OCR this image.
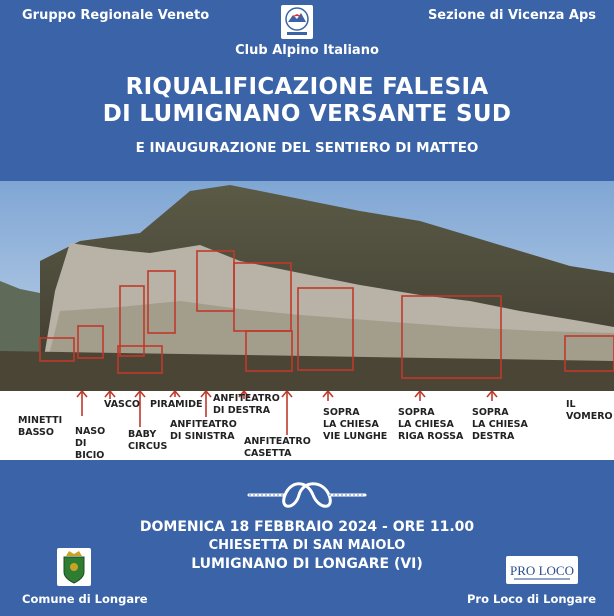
Gruppo Regionale Veneto	Sezione di Vicenza Aps
Club Alpino Italiano
RIQUALIFICAZIONE FALESIA
DI LUMIGNANO VERSANTE SUD
E INAUGURAZIONE DEL SENTIERO DI MATTEO
MINETTI
BASSO	NASO
DI
BICIO
VASCO
BABY
CIRCUS
PIRAMIDE
ANFITEATRO
DI SINISTRA
ANFITEATRO
DI DESTRA
ANFITEATRO
CASETTA
SOPRA
LA CHIESA
VIE LUNGHE
SOPRA
LA CHIESA
RIGA ROSSA
SOPRA
LA CHIESA
DESTRA
IL VOMERO
DOMENICA 18 FEBBRAIO 2024 - ORE 11.00
CHIESETTA DI SAN MAIOLO
LUMIGNANO DI LONGARE (VI)
Comune di Longare
PRO LOCO
Pro Loco di Longare
